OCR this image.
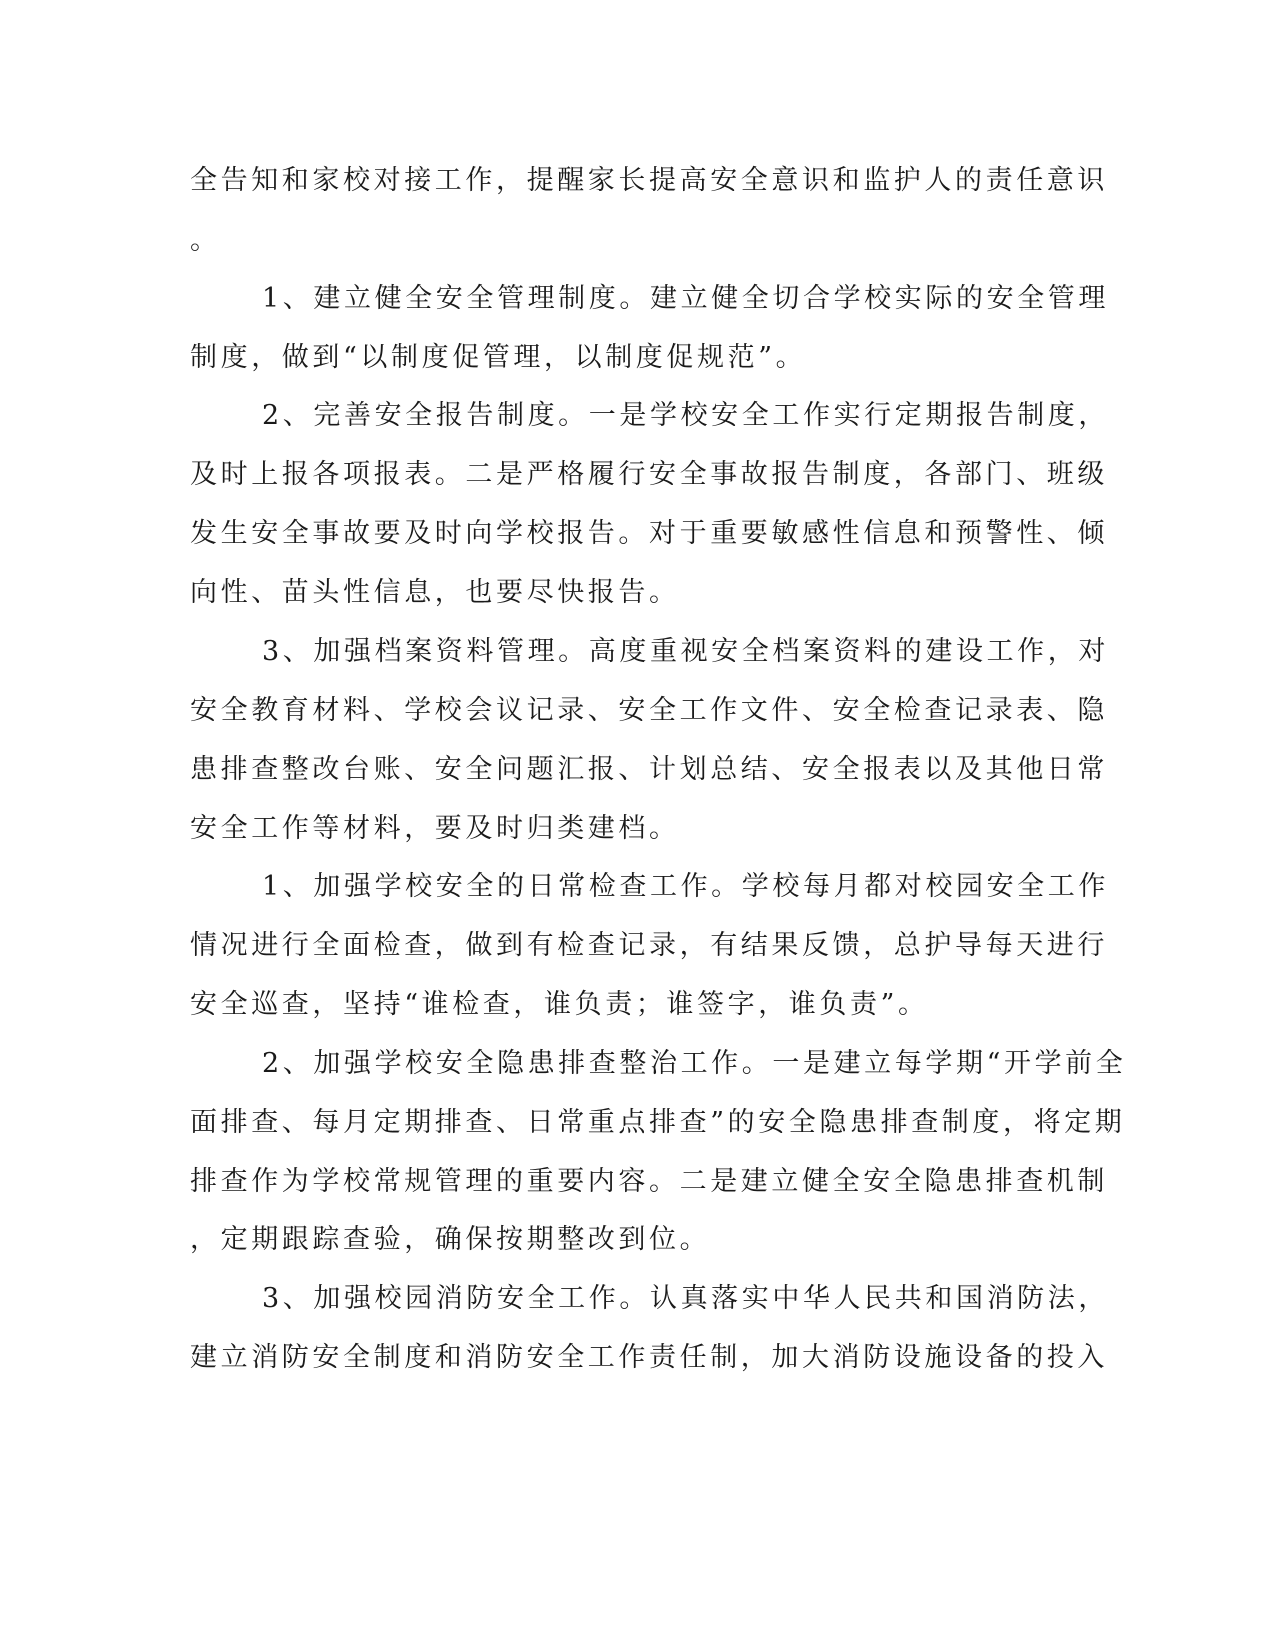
全告知和家校对接工作，提醒家长提高安全意识和监护人的责任意识
。
1、建立健全安全管理制度。建立健全切合学校实际的安全管理
制度，做到“以制度促管理，以制度促规范”。
2、完善安全报告制度。一是学校安全工作实行定期报告制度，
及时上报各项报表。二是严格履行安全事故报告制度，各部门、班级
发生安全事故要及时向学校报告。对于重要敏感性信息和预警性、倾
向性、苗头性信息，也要尽快报告。
3、加强档案资料管理。高度重视安全档案资料的建设工作，对
安全教育材料、学校会议记录、安全工作文件、安全检查记录表、隐
患排查整改台账、安全问题汇报、计划总结、安全报表以及其他日常
安全工作等材料，要及时归类建档。
1、加强学校安全的日常检查工作。学校每月都对校园安全工作
情况进行全面检查，做到有检查记录，有结果反馈，总护导每天进行
安全巡查，坚持“谁检查，谁负责；谁签字，谁负责”。
2、加强学校安全隐患排查整治工作。一是建立每学期“开学前全
面排查、每月定期排查、日常重点排查”的安全隐患排查制度，将定期
排查作为学校常规管理的重要内容。二是建立健全安全隐患排查机制
，定期跟踪查验，确保按期整改到位。
3、加强校园消防安全工作。认真落实中华人民共和国消防法，
建立消防安全制度和消防安全工作责任制，加大消防设施设备的投入
